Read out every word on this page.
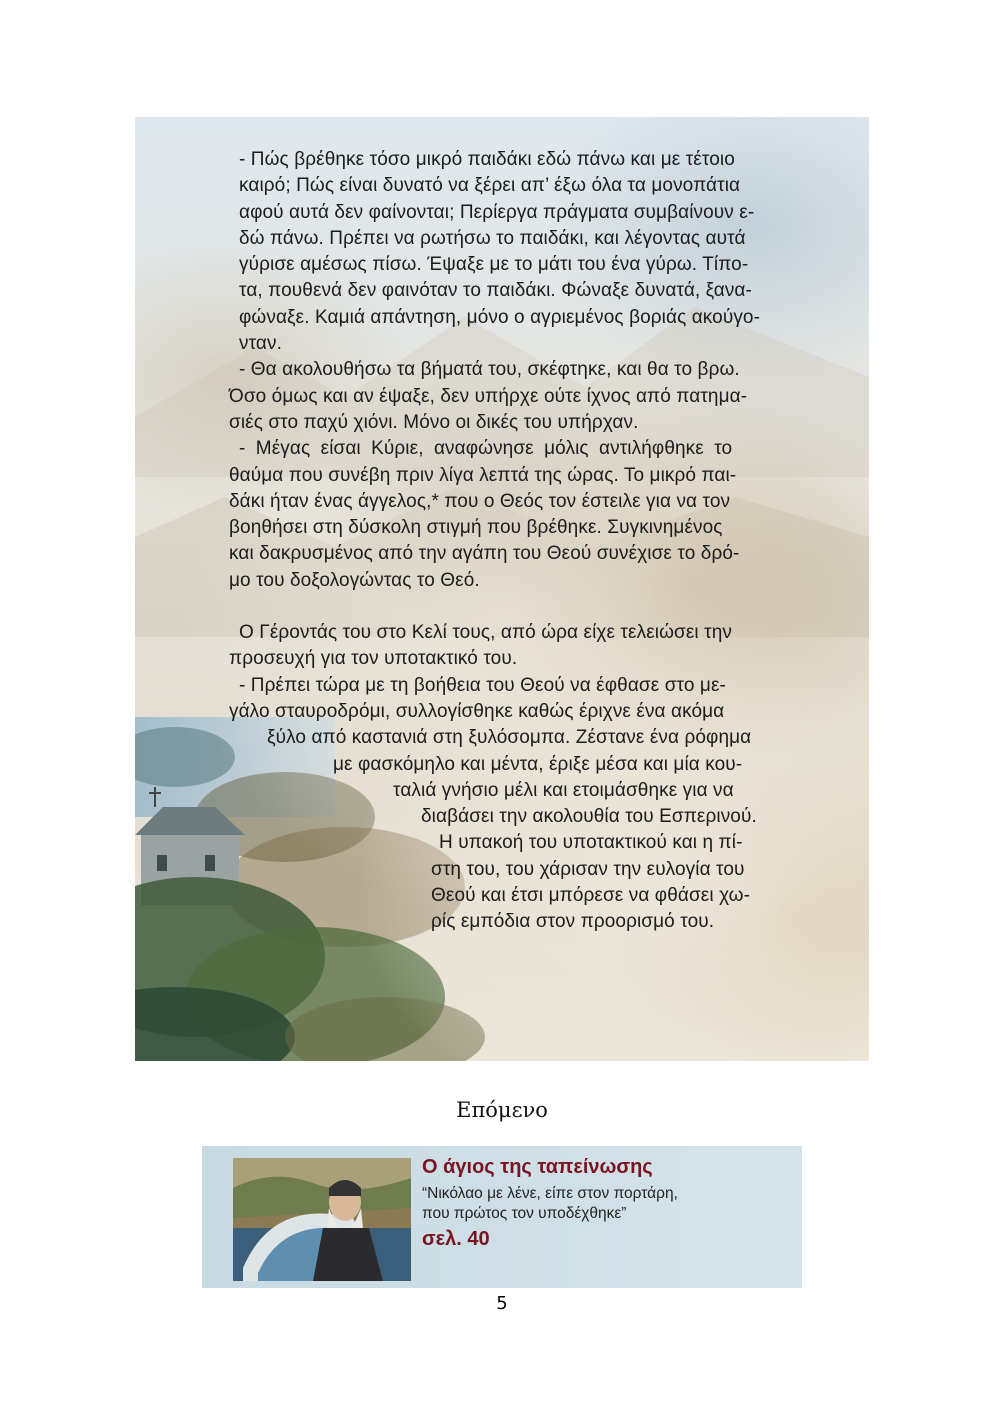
- Πώς βρέθηκε τόσο μικρό παιδάκι εδώ πάνω και με τέτοιο
καιρό; Πώς είναι δυνατό να ξέρει απ’ έξω όλα τα μονοπάτια
αφού αυτά δεν φαίνονται; Περίεργα πράγματα συμβαίνουν ε-
δώ πάνω. Πρέπει να ρωτήσω το παιδάκι, και λέγοντας αυτά
γύρισε αμέσως πίσω. Έψαξε με το μάτι του ένα γύρω. Τίπο-
τα, πουθενά δεν φαινόταν το παιδάκι. Φώναξε δυνατά, ξανα-
φώναξε. Καμιά απάντηση, μόνο ο αγριεμένος βοριάς ακούγο-
νταν.

- Θα ακολουθήσω τα βήματά του, σκέφτηκε, και θα το βρω.
Όσο όμως και αν έψαξε, δεν υπήρχε ούτε ίχνος από πατημα-
σιές στο παχύ χιόνι. Μόνο οι δικές του υπήρχαν.

- Μέγας είσαι Κύριε, αναφώνησε μόλις αντιλήφθηκε το
θαύμα που συνέβη πριν λίγα λεπτά της ώρας. Το μικρό παι-
δάκι ήταν ένας άγγελος,* που ο Θεός τον έστειλε για να τον
βοηθήσει στη δύσκολη στιγμή που βρέθηκε. Συγκινημένος
και δακρυσμένος από την αγάπη του Θεού συνέχισε το δρό-
μο του δοξολογώντας το Θεό.

Ο Γέροντάς του στο Κελί τους, από ώρα είχε τελειώσει την
προσευχή για τον υποτακτικό του.

- Πρέπει τώρα με τη βοήθεια του Θεού να έφθασε στο με-
γάλο σταυροδρόμι, συλλογίσθηκε καθώς έριχνε ένα ακόμα
ξύλο από καστανιά στη ξυλόσομπα. Ζέστανε ένα ρόφημα
με φασκόμηλο και μέντα, έριξε μέσα και μία κου-
ταλιά γνήσιο μέλι και ετοιμάσθηκε για να
διαβάσει την ακολουθία του Εσπερινού.

Η υπακοή του υποτακτικού και η πί-
στη του, του χάρισαν την ευλογία του
Θεού και έτσι μπόρεσε να φθάσει χω-
ρίς εμπόδια στον προορισμό του.

Επόμενο
Ο άγιος της ταπείνωσης
“Νικόλαο με λένε, είπε στον πορτάρη,
που πρώτος τον υποδέχθηκε”
σελ. 40
5
